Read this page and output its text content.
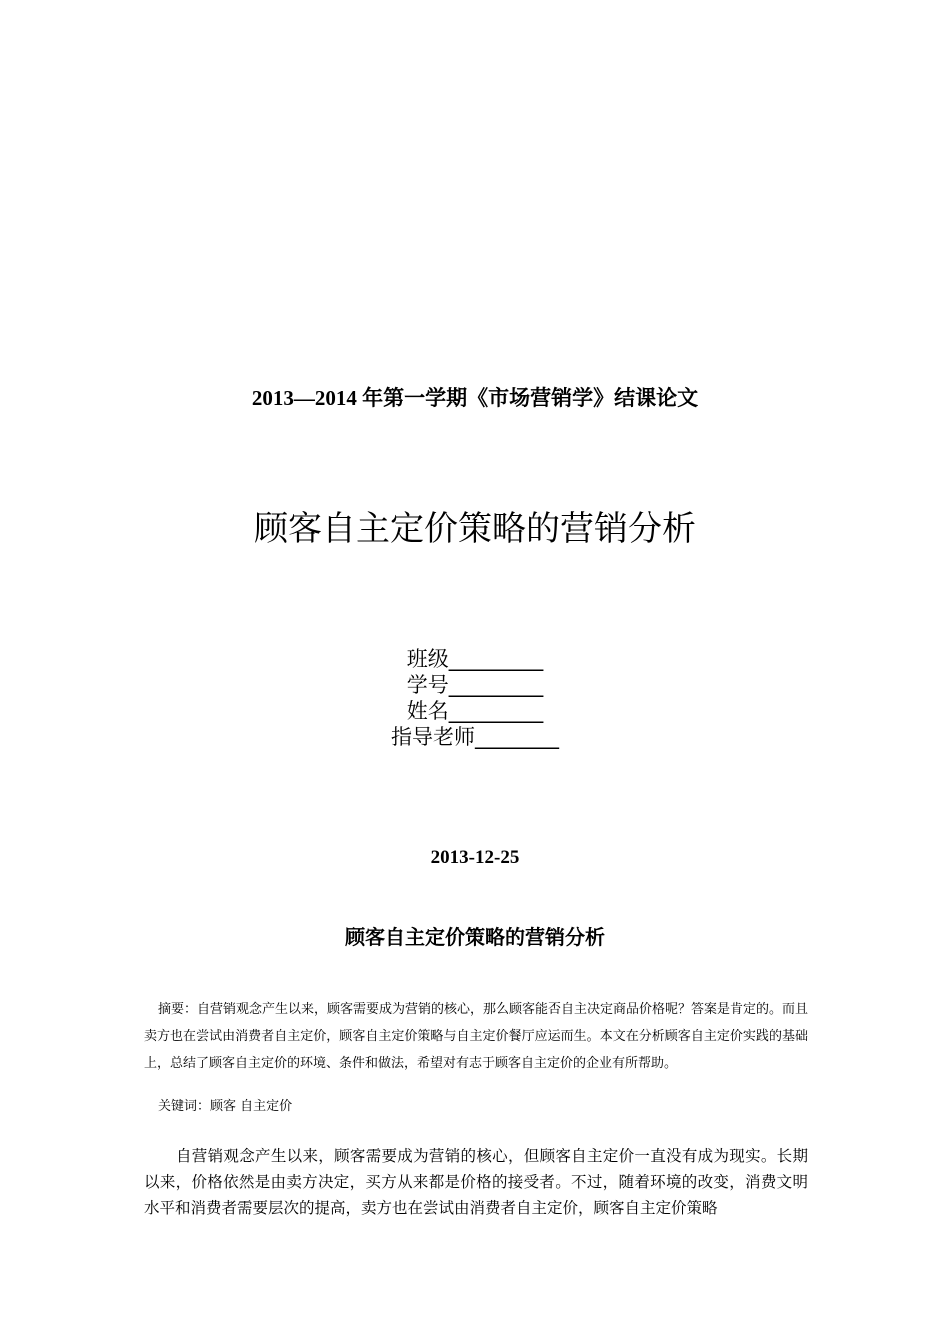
2013—2014 年第一学期《市场营销学》结课论文
顾客自主定价策略的营销分析
班级_________
学号_________
姓名_________
指导老师________
2013-12-25
顾客自主定价策略的营销分析
摘要：自营销观念产生以来，顾客需要成为营销的核心，那么顾客能否自主决定商品价格呢？答案是肯定的。而且卖方也在尝试由消费者自主定价，顾客自主定价策略与自主定价餐厅应运而生。本文在分析顾客自主定价实践的基础上，总结了顾客自主定价的环境、条件和做法，希望对有志于顾客自主定价的企业有所帮助。
关键词：顾客 自主定价
自营销观念产生以来，顾客需要成为营销的核心，但顾客自主定价一直没有成为现实。长期以来，价格依然是由卖方决定，买方从来都是价格的接受者。不过，随着环境的改变，消费文明水平和消费者需要层次的提高，卖方也在尝试由消费者自主定价，顾客自主定价策略
